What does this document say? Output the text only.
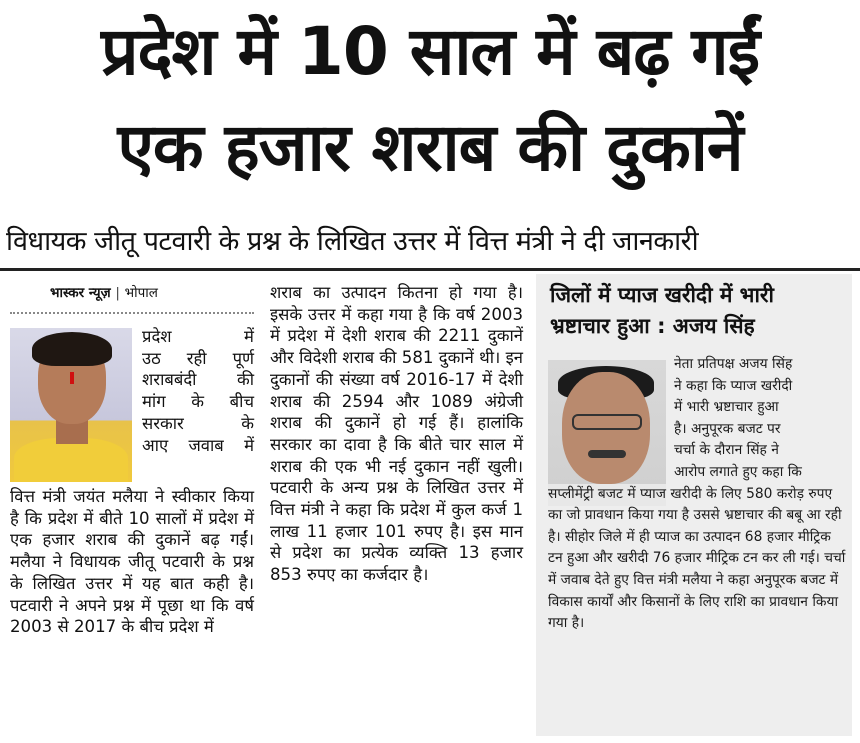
प्रदेश में 10 साल में बढ़ गईं
एक हजार शराब की दुकानें
विधायक जीतू पटवारी के प्रश्न के लिखित उत्तर में वित्त मंत्री ने दी जानकारी
भास्कर न्यूज़ | भोपाल
प्रदेश में
उठ रही पूर्ण
शराबबंदी की
मांग के बीच
सरकार के
आए जवाब में

वित्त मंत्री जयंत मलैया ने स्वीकार किया है कि प्रदेश में बीते 10 सालों में प्रदेश में एक हजार शराब की दुकानें बढ़ गईं। मलैया ने विधायक जीतू पटवारी के प्रश्न के लिखित उत्तर में यह बात कही है। पटवारी ने अपने प्रश्न में पूछा था कि वर्ष 2003 से 2017 के बीच प्रदेश में

शराब का उत्पादन कितना हो गया है। इसके उत्तर में कहा गया है कि वर्ष 2003 में प्रदेश में देशी शराब की 2211 दुकानें और विदेशी शराब की 581 दुकानें थी। इन दुकानों की संख्या वर्ष 2016-17 में देशी शराब की 2594 और 1089 अंग्रेजी शराब की दुकानें हो गई हैं। हालांकि सरकार का दावा है कि बीते चार साल में शराब की एक भी नई दुकान नहीं खुली। पटवारी के अन्य प्रश्न के लिखित उत्तर में वित्त मंत्री ने कहा कि प्रदेश में कुल कर्ज 1 लाख 11 हजार 101 रुपए है। इस मान से प्रदेश का प्रत्येक व्यक्ति 13 हजार 853 रुपए का कर्जदार है।

जिलों में प्याज खरीदी में भारी
भ्रष्टाचार हुआ : अजय सिंह
नेता प्रतिपक्ष अजय सिंह
ने कहा कि प्याज खरीदी
में भारी भ्रष्टाचार हुआ
है। अनुपूरक बजट पर
चर्चा के दौरान सिंह ने
आरोप लगाते हुए कहा कि

सप्लीमेंट्री बजट में प्याज खरीदी के लिए 580 करोड़ रुपए का जो प्रावधान किया गया है उससे भ्रष्टाचार की बबू आ रही है। सीहोर जिले में ही प्याज का उत्पादन 68 हजार मीट्रिक टन हुआ और खरीदी 76 हजार मीट्रिक टन कर ली गई। चर्चा में जवाब देते हुए वित्त मंत्री मलैया ने कहा अनुपूरक बजट में विकास कार्यों और किसानों के लिए राशि का प्रावधान किया गया है।
